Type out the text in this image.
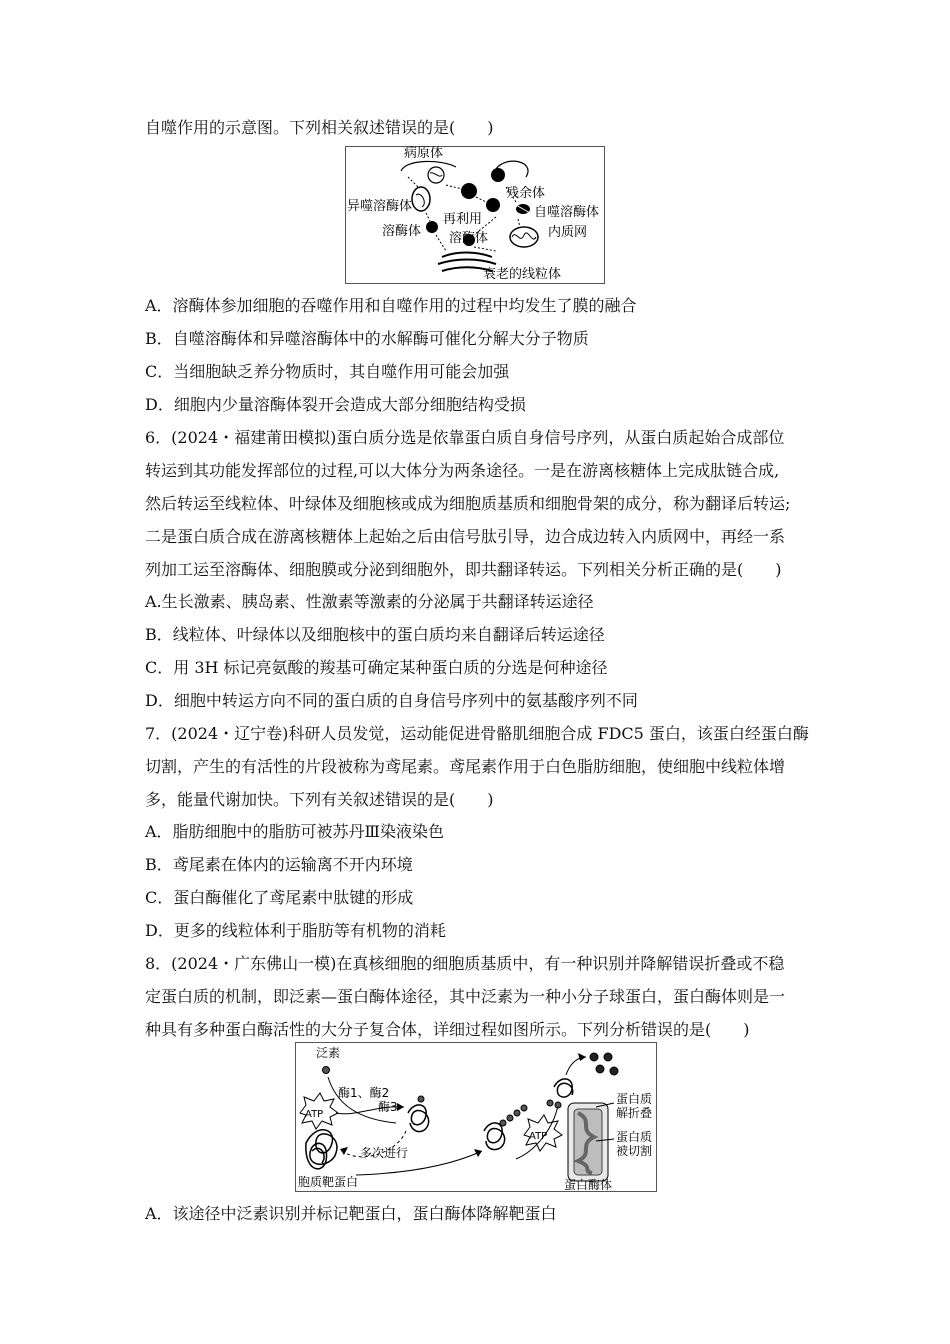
自噬作用的示意图。下列相关叙述错误的是(　　)
病原体
异噬溶酶体
溶酶体
再利用
溶酶体
残余体
自噬溶酶体
内质网
衰老的线粒体
A．溶酶体参加细胞的吞噬作用和自噬作用的过程中均发生了膜的融合
B．自噬溶酶体和异噬溶酶体中的水解酶可催化分解大分子物质
C．当细胞缺乏养分物质时，其自噬作用可能会加强
D．细胞内少量溶酶体裂开会造成大部分细胞结构受损
6．(2024・福建莆田模拟)蛋白质分选是依靠蛋白质自身信号序列，从蛋白质起始合成部位
转运到其功能发挥部位的过程,可以大体分为两条途径。一是在游离核糖体上完成肽链合成,
然后转运至线粒体、叶绿体及细胞核或成为细胞质基质和细胞骨架的成分，称为翻译后转运;
二是蛋白质合成在游离核糖体上起始之后由信号肽引导，边合成边转入内质网中，再经一系
列加工运至溶酶体、细胞膜或分泌到细胞外，即共翻译转运。下列相关分析正确的是(　　)
A.生长激素、胰岛素、性激素等激素的分泌属于共翻译转运途径
B．线粒体、叶绿体以及细胞核中的蛋白质均来自翻译后转运途径
C．用 3H 标记亮氨酸的羧基可确定某种蛋白质的分选是何种途径
D．细胞中转运方向不同的蛋白质的自身信号序列中的氨基酸序列不同
7．(2024・辽宁卷)科研人员发觉，运动能促进骨骼肌细胞合成 FDC5 蛋白，该蛋白经蛋白酶
切割，产生的有活性的片段被称为鸢尾素。鸢尾素作用于白色脂肪细胞，使细胞中线粒体增
多，能量代谢加快。下列有关叙述错误的是(　　)
A．脂肪细胞中的脂肪可被苏丹Ⅲ染液染色
B．鸢尾素在体内的运输离不开内环境
C．蛋白酶催化了鸢尾素中肽键的形成
D．更多的线粒体利于脂肪等有机物的消耗
8．(2024・广东佛山一模)在真核细胞的细胞质基质中，有一种识别并降解错误折叠或不稳
定蛋白质的机制，即泛素—蛋白酶体途径，其中泛素为一种小分子球蛋白，蛋白酶体则是一
种具有多种蛋白酶活性的大分子复合体，详细过程如图所示。下列分析错误的是(　　)
泛素
ATP
酶1、酶2
酶3
多次进行
胞质靶蛋白
ATP
蛋白质
解折叠
蛋白质
被切割
蛋白酶体
A．该途径中泛素识别并标记靶蛋白，蛋白酶体降解靶蛋白
